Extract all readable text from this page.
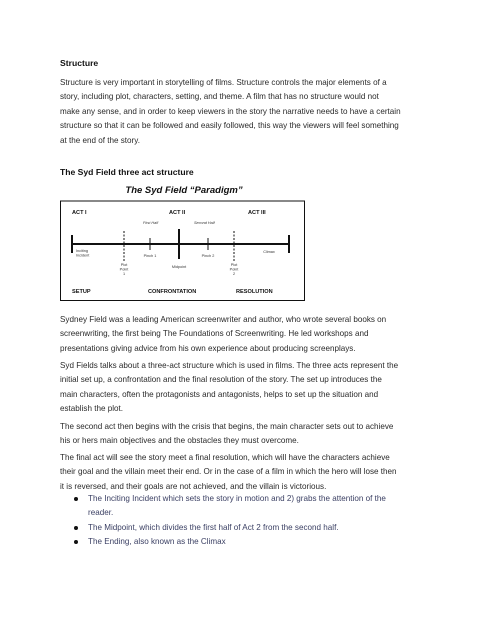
Structure
Structure is very important in storytelling of films. Structure controls the major elements of a
story, including plot, characters, setting, and theme. A film that has no structure would not
make any sense, and in order to keep viewers in the story the narrative needs to have a certain
structure so that it can be followed and easily followed, this way the viewers will feel something
at the end of the story.
The Syd Field three act structure
The Syd Field “Paradigm”
ACT I	ACT II	ACT III
First Half	Second Half
Inciting
Incident
Plot
Point
1
Pinch 1
Midpoint
Pinch 2
Plot
Point
2
Climax
SETUP	CONFRONTATION	RESOLUTION
Sydney Field was a leading American screenwriter and author, who wrote several books on
screenwriting, the first being The Foundations of Screenwriting. He led workshops and
presentations giving advice from his own experience about producing screenplays.
Syd Fields talks about a three-act structure which is used in films. The three acts represent the
initial set up, a confrontation and the final resolution of the story. The set up introduces the
main characters, often the protagonists and antagonists, helps to set up the situation and
establish the plot.
The second act then begins with the crisis that begins, the main character sets out to achieve
his or hers main objectives and the obstacles they must overcome.
The final act will see the story meet a final resolution, which will have the characters achieve
their goal and the villain meet their end. Or in the case of a film in which the hero will lose then
it is reversed, and their goals are not achieved, and the villain is victorious.
The Inciting Incident which sets the story in motion and 2) grabs the attention of the
reader.
The Midpoint, which divides the first half of Act 2 from the second half.
The Ending, also known as the Climax
